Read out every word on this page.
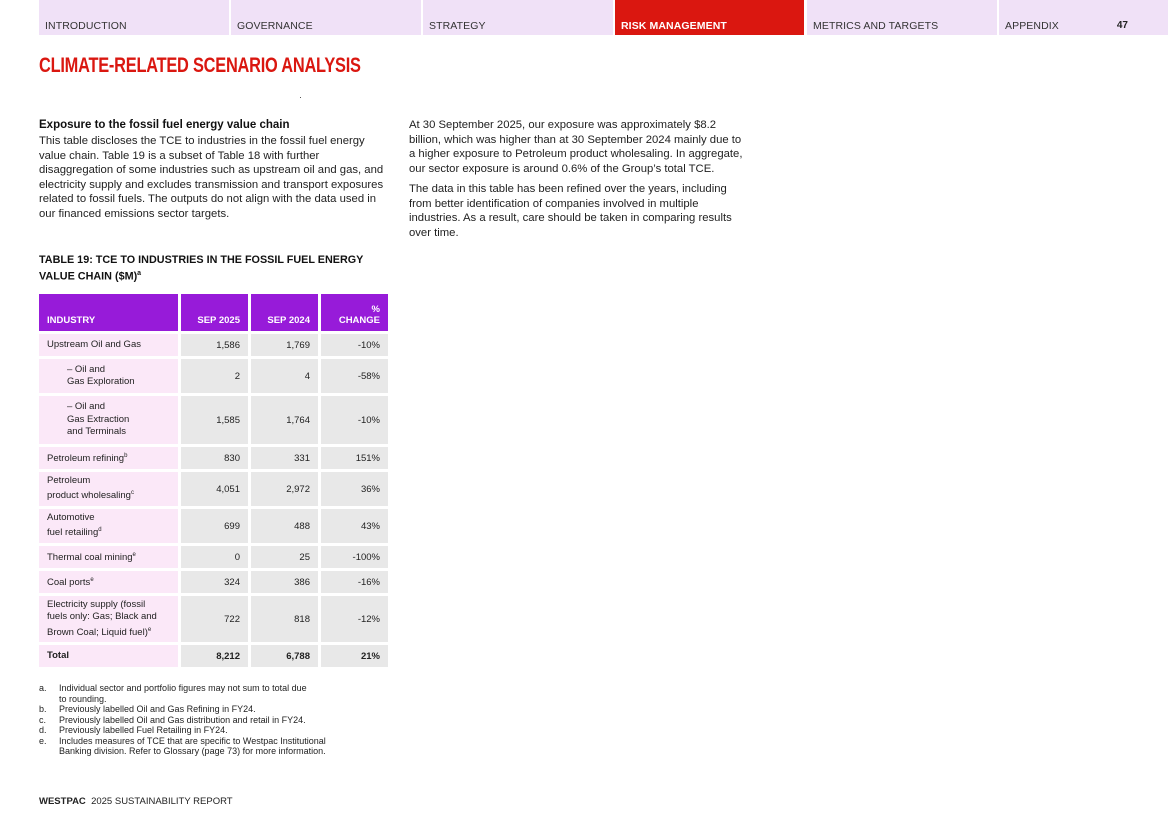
INTRODUCTION	GOVERNANCE	STRATEGY	RISK MANAGEMENT	METRICS AND TARGETS	APPENDIX	47
CLIMATE-RELATED SCENARIO ANALYSIS
Exposure to the fossil fuel energy value chain
This table discloses the TCE to industries in the fossil fuel energy value chain. Table 19 is a subset of Table 18 with further disaggregation of some industries such as upstream oil and gas, and electricity supply and excludes transmission and transport exposures related to fossil fuels. The outputs do not align with the data used in our financed emissions sector targets.
TABLE 19: TCE TO INDUSTRIES IN THE FOSSIL FUEL ENERGY VALUE CHAIN ($M)$^a$
INDUSTRY	SEP 2025	SEP 2024	%
CHANGE

Upstream Oil and Gas	1,586	1,769	-10%

– Oil and
Gas Exploration	2	4	-58%

– Oil and
Gas Extraction
and Terminals	1,585	1,764	-10%

Petroleum refining$^b$	830	331	151%

Petroleum
product wholesaling$^c$	4,051	2,972	36%

Automotive
fuel retailing$^d$	699	488	43%

Thermal coal mining$^e$	0	25	-100%

Coal ports$^e$	324	386	-16%

Electricity supply (fossil
fuels only: Gas; Black and
Brown Coal; Liquid fuel)$^e$	722	818	-12%

Total	8,212	6,788	21%
a.	Individual sector and portfolio figures may not sum to total due
to rounding.
b.	Previously labelled Oil and Gas Refining in FY24.
c.	Previously labelled Oil and Gas distribution and retail in FY24.
d.	Previously labelled Fuel Retailing in FY24.
e.	Includes measures of TCE that are specific to Westpac Institutional
Banking division. Refer to Glossary (page 73) for more information.

At 30 September 2025, our exposure was approximately $8.2 billion, which was higher than at 30 September 2024 mainly due to a higher exposure to Petroleum product wholesaling. In aggregate, our sector exposure is around 0.6% of the Group’s total TCE.

The data in this table has been refined over the years, including from better identification of companies involved in multiple industries. As a result, care should be taken in comparing results over time.

WESTPAC 2025 SUSTAINABILITY REPORT
